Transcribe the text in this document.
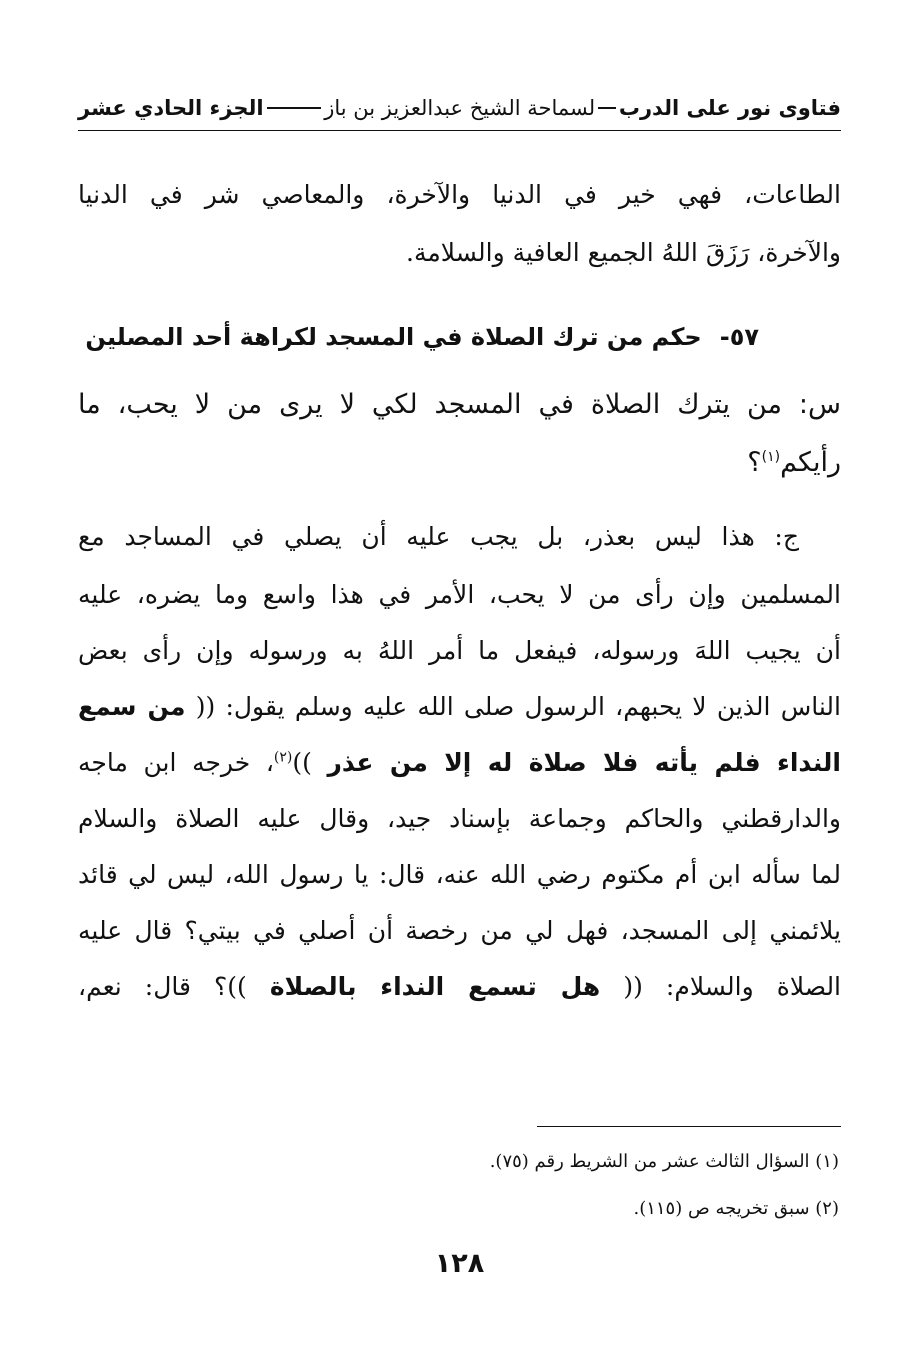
فتاوى نور على الدرب
لسماحة الشيخ عبدالعزيز بن باز
الجزء الحادي عشر
الطاعات، فهي خير في الدنيا والآخرة، والمعاصي شر في الدنيا
والآخرة، رَزَقَ اللهُ الجميع العافية والسلامة.
٥٧-حكم من ترك الصلاة في المسجد لكراهة أحد المصلين
س: من يترك الصلاة في المسجد لكي لا يرى من لا يحب، ما
رأيكم$^{(١)}$؟
ج: هذا ليس بعذر، بل يجب عليه أن يصلي في المساجد مع
المسلمين وإن رأى من لا يحب، الأمر في هذا واسع وما يضره، عليه
أن يجيب اللهَ ورسوله، فيفعل ما أمر اللهُ به ورسوله وإن رأى بعض
الناس الذين لا يحبهم، الرسول صلى الله عليه وسلم يقول: (( من سمع
النداء فلم يأته فلا صلاة له إلا من عذر ))$^{(٢)}$، خرجه ابن ماجه
والدارقطني والحاكم وجماعة بإسناد جيد، وقال عليه الصلاة والسلام
لما سأله ابن أم مكتوم رضي الله عنه، قال: يا رسول الله، ليس لي قائد
يلائمني إلى المسجد، فهل لي من رخصة أن أصلي في بيتي؟ قال عليه
الصلاة والسلام: (( هل تسمع النداء بالصلاة ))؟ قال: نعم،
(١) السؤال الثالث عشر من الشريط رقم (٧٥).
(٢) سبق تخريجه ص (١١٥).
١٢٨
